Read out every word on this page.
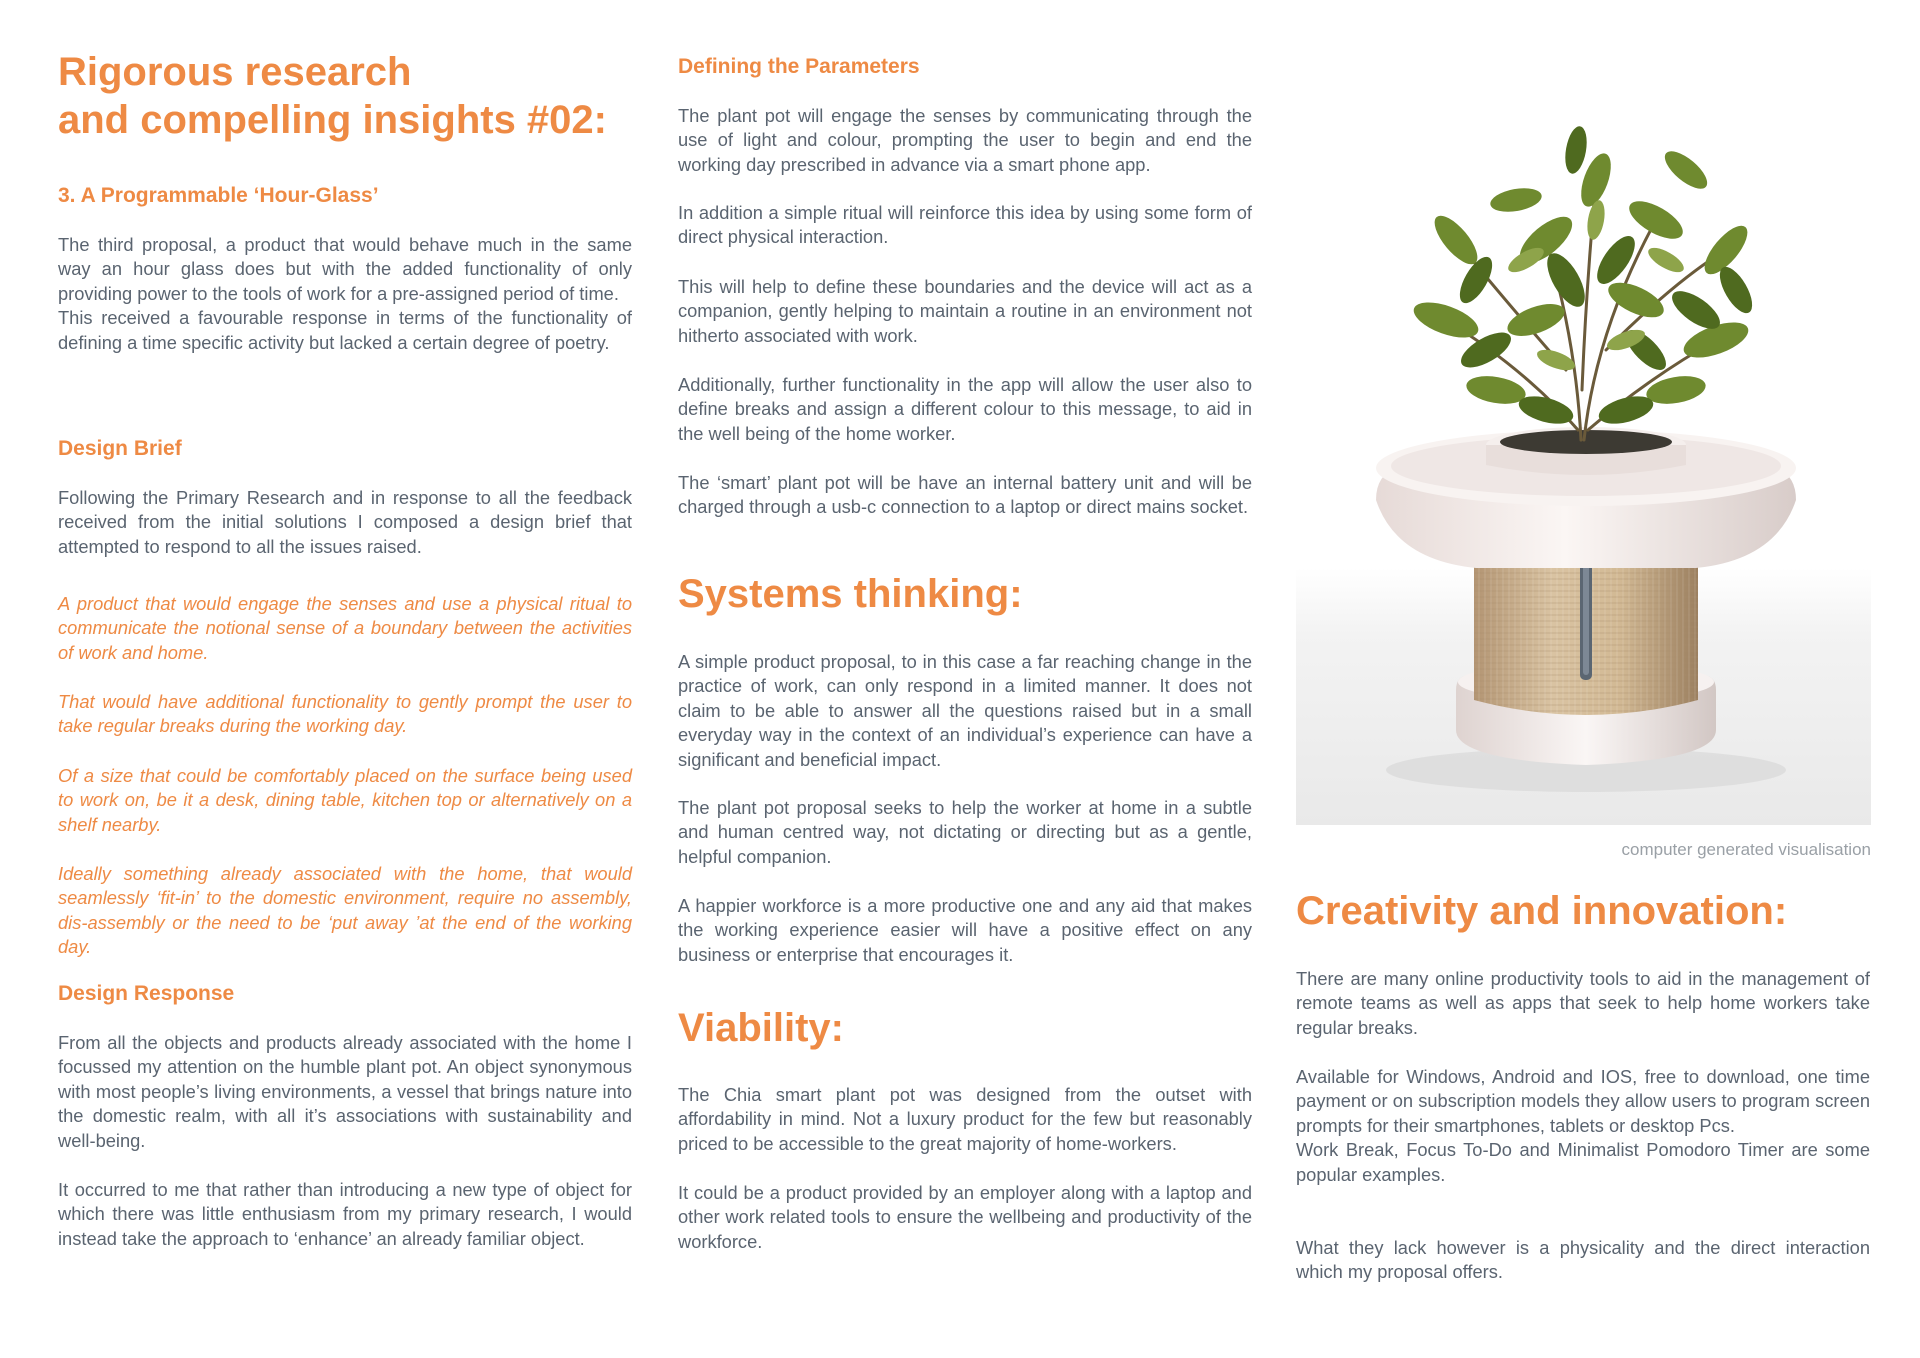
Rigorous research
and compelling insights #02:
3. A Programmable ‘Hour-Glass’

The third proposal, a product that would behave much in the same way an hour glass does but with the added functionality of only providing power to the tools of work for a pre-assigned period of time.

This received a favourable response in terms of the functionality of defining a time specific activity but lacked a certain degree of poetry.

Design Brief

Following the Primary Research and in response to all the feedback received from the initial solutions I composed a design brief that attempted to respond to all the issues raised.

A product that would engage the senses and use a physical ritual to communicate the notional sense of a boundary between the activities of work and home.

That would have additional functionality to gently prompt the user to take regular breaks during the working day.

Of a size that could be comfortably placed on the surface being used to work on, be it a desk, dining table, kitchen top or alternatively on a shelf nearby.

Ideally something already associated with the home, that would seamlessly ‘fit-in’ to the domestic environment, require no assembly, dis-assembly or the need to be ‘put away ’at the end of the working day.

Design Response

From all the objects and products already associated with the home I focussed my attention on the humble plant pot. An object synonymous with most people’s living environments, a vessel that brings nature into the domestic realm, with all it’s associations with sustainability and well-being.

It occurred to me that rather than introducing a new type of object for which there was little enthusiasm from my primary research, I would instead take the approach to ‘enhance’ an already familiar object.

Defining the Parameters

The plant pot will engage the senses by communicating through the use of light and colour, prompting the user to begin and end the working day prescribed in advance via a smart phone app.

In addition a simple ritual will reinforce this idea by using some form of direct physical interaction.

This will help to define these boundaries and the device will act as a companion, gently helping to maintain a routine in an environment not hitherto associated with work.

Additionally, further functionality in the app will allow the user also to define breaks and assign a different colour to this message, to aid in the well being of the home worker.

The ‘smart’ plant pot will be have an internal battery unit and will be charged through a usb-c connection to a laptop or direct mains socket.

Systems thinking:

A simple product proposal, to in this case a far reaching change in the practice of work, can only respond in a limited manner. It does not claim to be able to answer all the questions raised but in a small everyday way in the context of an individual’s experience can have a significant and beneficial impact.

The plant pot proposal seeks to help the worker at home in a subtle and human centred way, not dictating or directing but as a gentle, helpful companion.

A happier workforce is a more productive one and any aid that makes the working experience easier will have a positive effect on any business or enterprise that encourages it.

Viability:

The Chia smart plant pot was designed from the outset with affordability in mind. Not a luxury product for the few but reasonably priced to be accessible to the great majority of home-workers.

It could be a product provided by an employer along with a laptop and other work related tools to ensure the wellbeing and productivity of the workforce.

computer generated visualisation
Creativity and innovation:

There are many online productivity tools to aid in the management of remote teams as well as apps that seek to help home workers take regular breaks.

Available for Windows, Android and IOS, free to download, one time payment or on subscription models they allow users to program screen prompts for their smartphones, tablets or desktop Pcs.

Work Break, Focus To-Do and Minimalist Pomodoro Timer are some popular examples.

What they lack however is a physicality and the direct interaction which my proposal offers.
